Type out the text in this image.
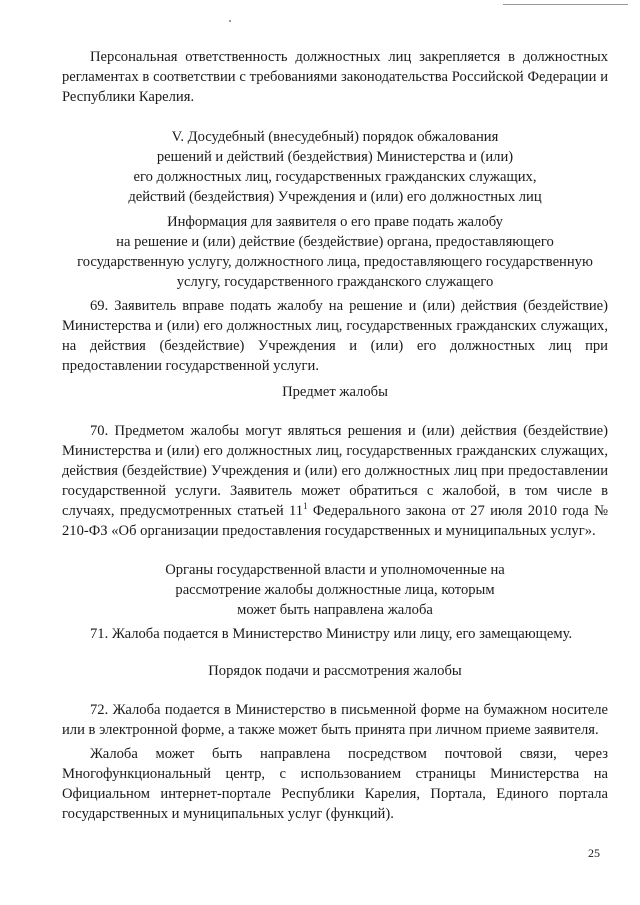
Персональная ответственность должностных лиц закрепляется в должностных регламентах в соответствии с требованиями законодательства Российской Федерации и Республики Карелия.

V. Досудебный (внесудебный) порядок обжалования
решений и действий (бездействия) Министерства и (или)
его должностных лиц, государственных гражданских служащих,
действий (бездействия) Учреждения и (или) его должностных лиц
Информация для заявителя о его праве подать жалобу
на решение и (или) действие (бездействие) органа, предоставляющего
государственную услугу, должностного лица, предоставляющего государственную
услугу, государственного гражданского служащего

69. Заявитель вправе подать жалобу на решение и (или) действия (бездействие) Министерства и (или) его должностных лиц, государственных гражданских служащих, на действия (бездействие) Учреждения и (или) его должностных лиц при предоставлении государственной услуги.

Предмет жалобы

70. Предметом жалобы могут являться решения и (или) действия (бездействие) Министерства и (или) его должностных лиц, государственных гражданских служащих, действия (бездействие) Учреждения и (или) его должностных лиц при предоставлении государственной услуги. Заявитель может обратиться с жалобой, в том числе в случаях, предусмотренных статьей $11^1$ Федерального закона от 27 июля 2010 года № 210-ФЗ «Об организации предоставления государственных и муниципальных услуг».

Органы государственной власти и уполномоченные на
рассмотрение жалобы должностные лица, которым
может быть направлена жалоба

71. Жалоба подается в Министерство Министру или лицу, его замещающему.

Порядок подачи и рассмотрения жалобы

72. Жалоба подается в Министерство в письменной форме на бумажном носителе или в электронной форме, а также может быть принята при личном приеме заявителя.

Жалоба может быть направлена посредством почтовой связи, через Многофункциональный центр, с использованием страницы Министерства на Официальном интернет-портале Республики Карелия, Портала, Единого портала государственных и муниципальных услуг (функций).

25
